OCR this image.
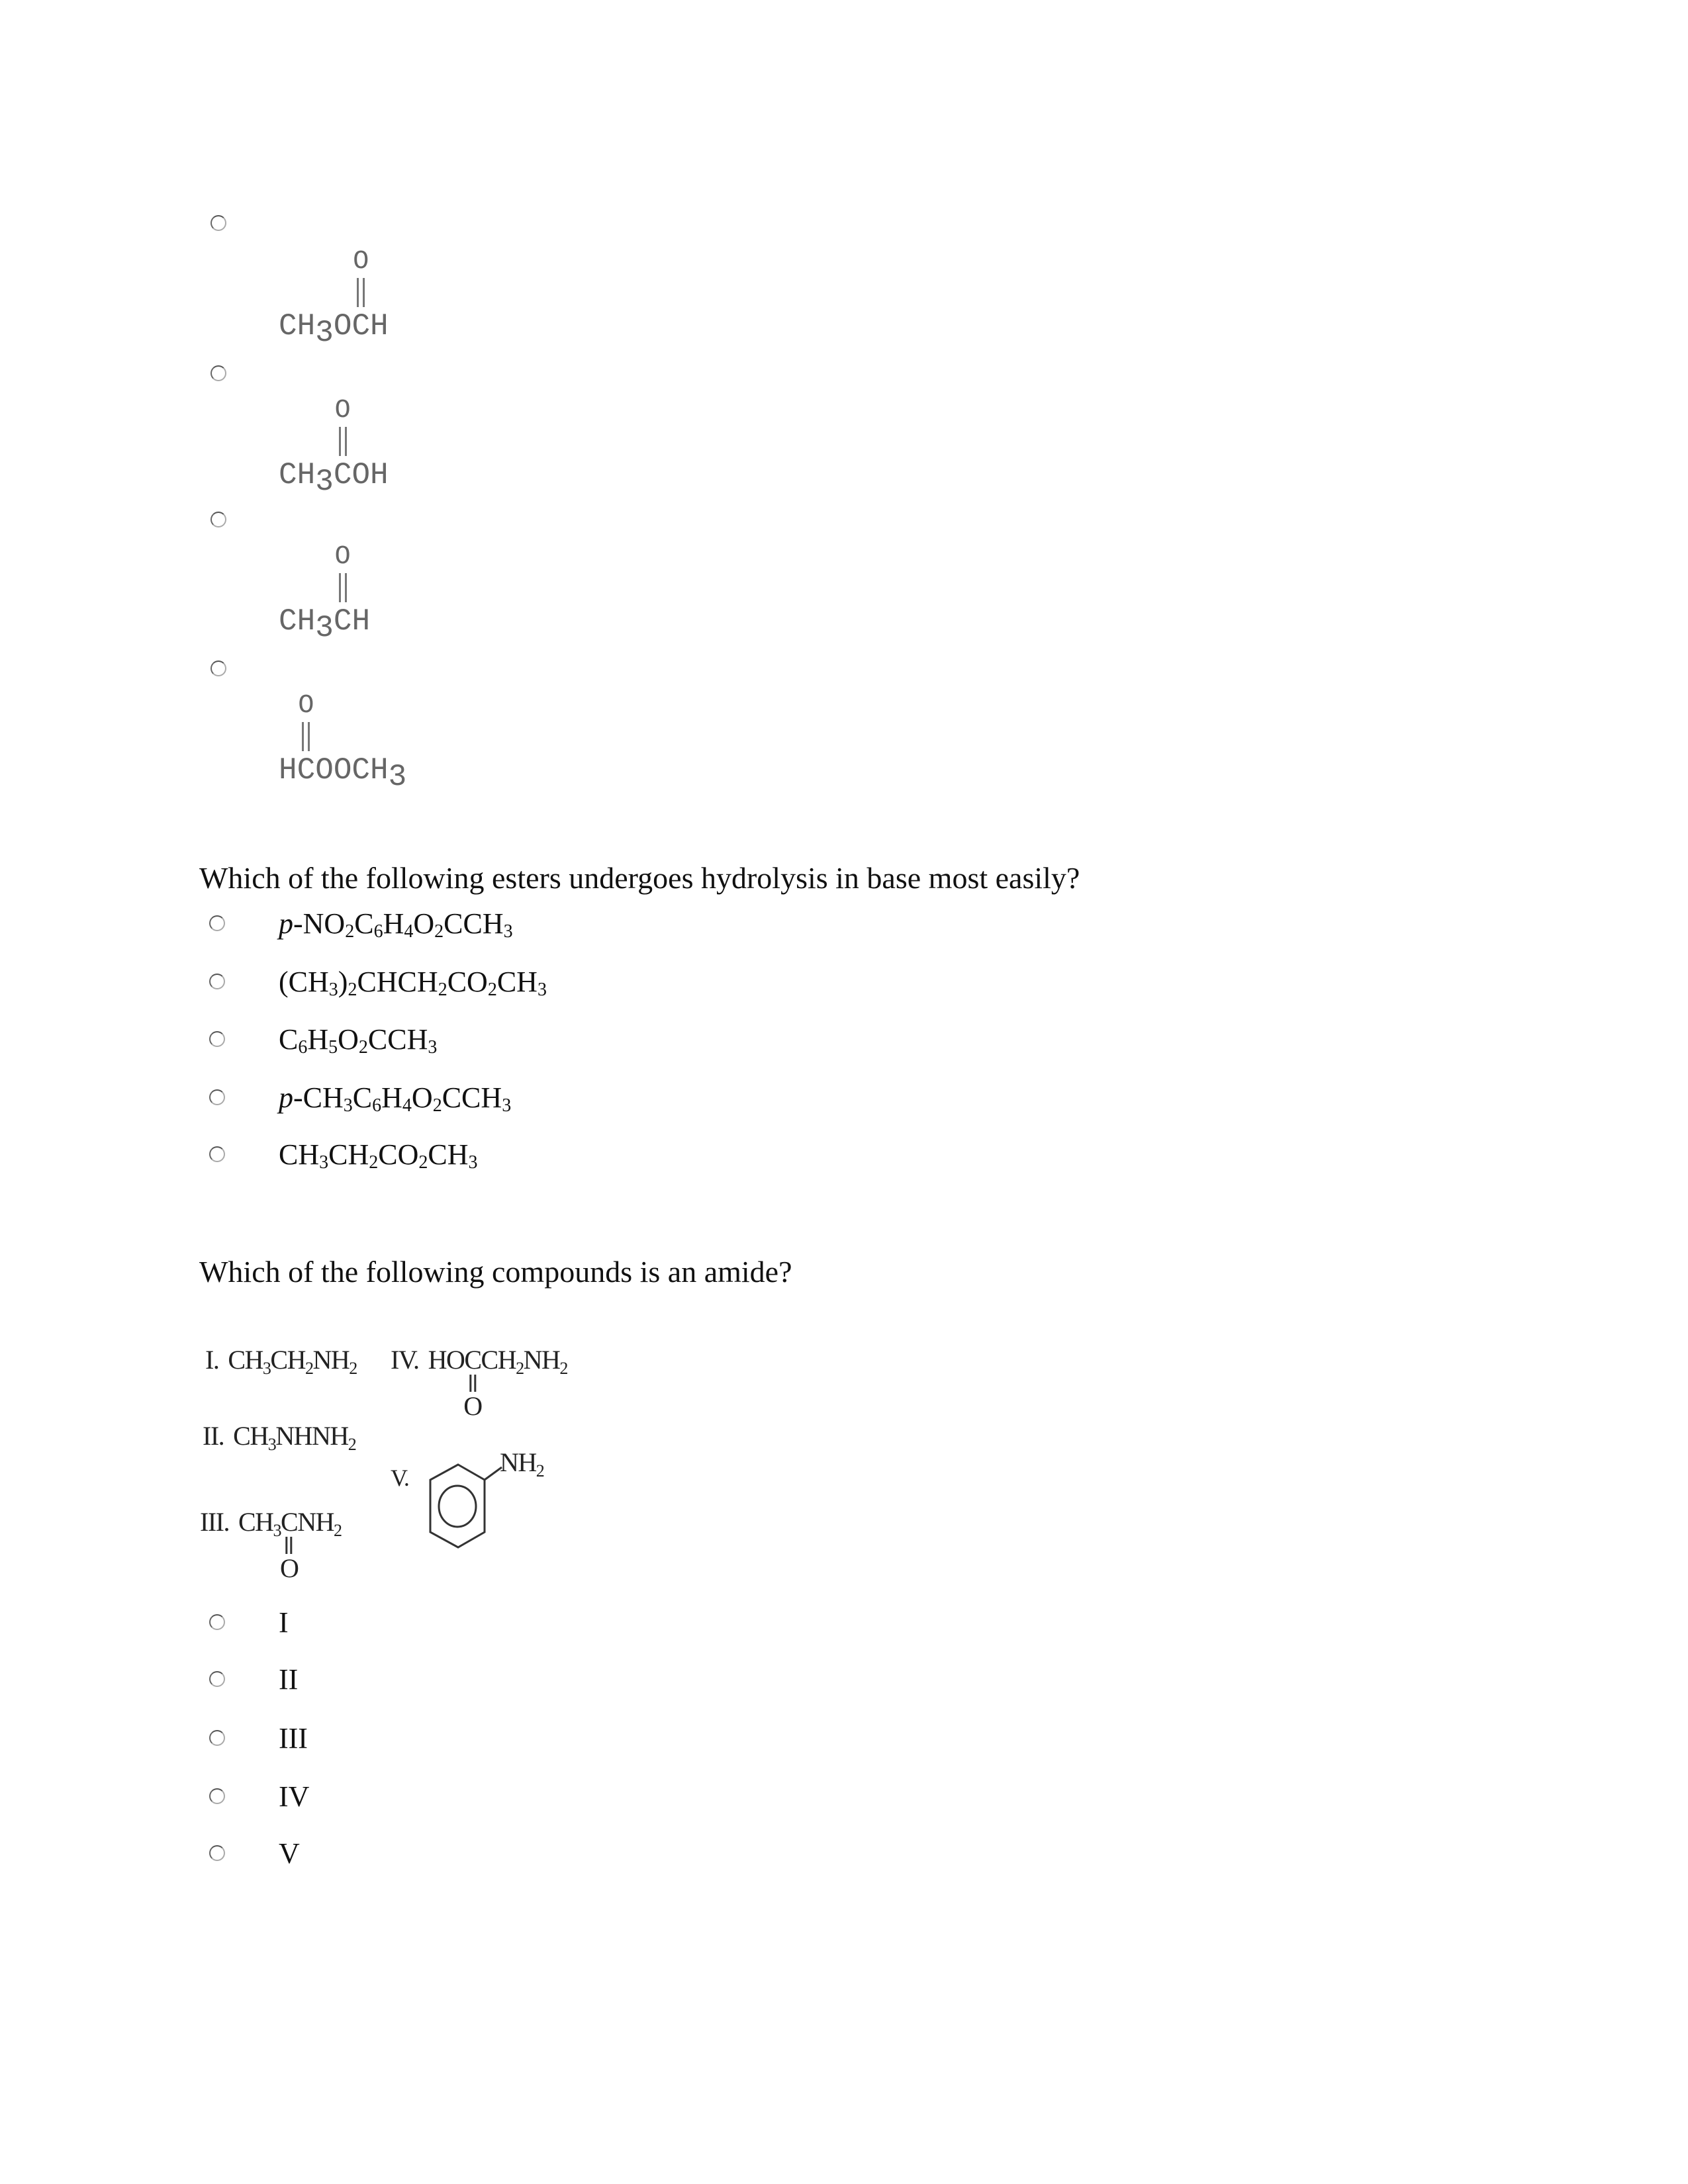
$CH_3O$
O
CH
$CH_3$
O
COH
$CH_3$
O
CH
H
O
$COOCH_3$
Which of the following esters undergoes hydrolysis in base most easily?
$p-NO_2C_6H_4O_2CCH_3$
$(CH_3)_2CHCH_2CO_2CH_3$
$C_6H_5O_2CCH_3$
$p-CH_3C_6H_4O_2CCH_3$
$CH_3CH_2CO_2CH_3$
Which of the following compounds is an amide?
I. $CH_3CH_2NH_2$ IV. HOC
O
$CH_2NH_2$
II. $CH_3NHNH_2$
III. $CH_3C$
O
$NH_2$
V.
$NH_2$
I
II
III
IV
V
